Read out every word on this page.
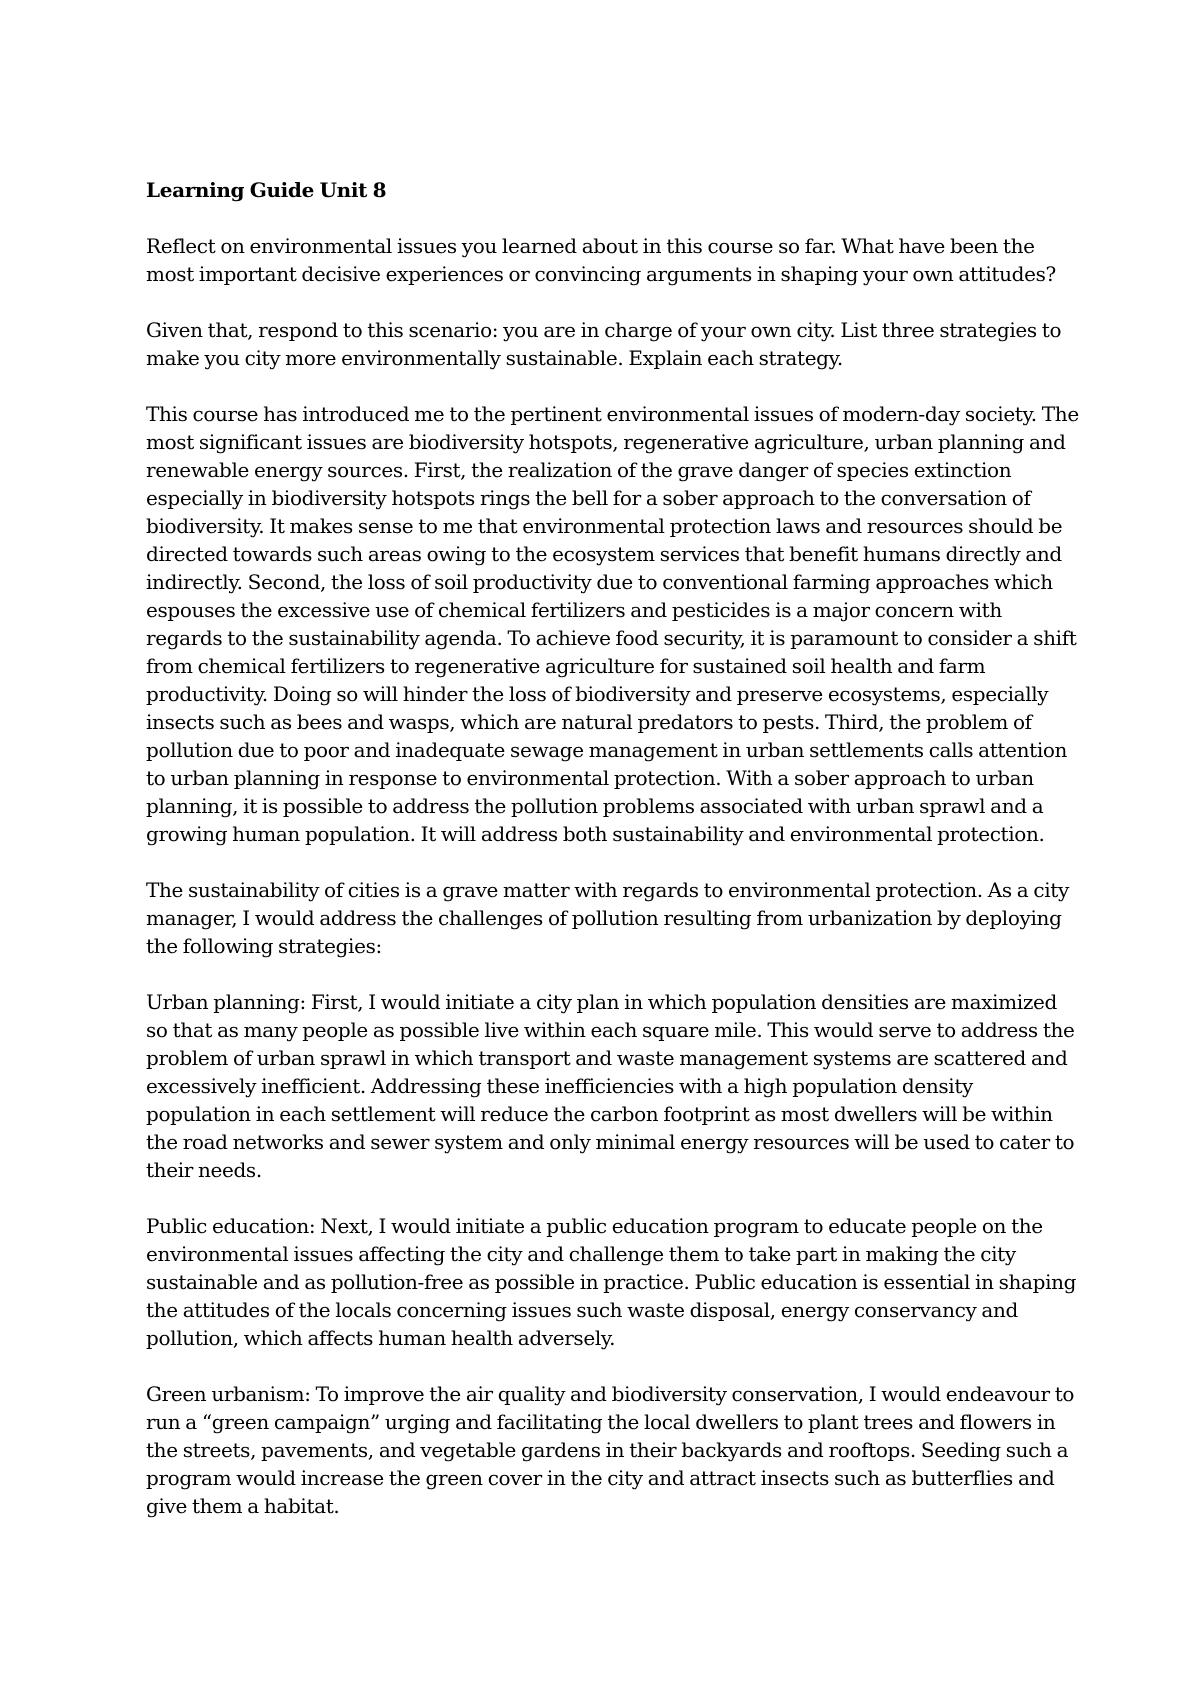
Learning Guide Unit 8

Reflect on environmental issues you learned about in this course so far. What have been the most important decisive experiences or convincing arguments in shaping your own attitudes?

Given that, respond to this scenario: you are in charge of your own city. List three strategies to make you city more environmentally sustainable. Explain each strategy.

This course has introduced me to the pertinent environmental issues of modern-day society. The most significant issues are biodiversity hotspots, regenerative agriculture, urban planning and renewable energy sources. First, the realization of the grave danger of species extinction especially in biodiversity hotspots rings the bell for a sober approach to the conversation of biodiversity. It makes sense to me that environmental protection laws and resources should be directed towards such areas owing to the ecosystem services that benefit humans directly and indirectly. Second, the loss of soil productivity due to conventional farming approaches which espouses the excessive use of chemical fertilizers and pesticides is a major concern with regards to the sustainability agenda. To achieve food security, it is paramount to consider a shift from chemical fertilizers to regenerative agriculture for sustained soil health and farm productivity. Doing so will hinder the loss of biodiversity and preserve ecosystems, especially insects such as bees and wasps, which are natural predators to pests. Third, the problem of pollution due to poor and inadequate sewage management in urban settlements calls attention to urban planning in response to environmental protection. With a sober approach to urban planning, it is possible to address the pollution problems associated with urban sprawl and a growing human population. It will address both sustainability and environmental protection.

The sustainability of cities is a grave matter with regards to environmental protection. As a city manager, I would address the challenges of pollution resulting from urbanization by deploying the following strategies:

Urban planning: First, I would initiate a city plan in which population densities are maximized so that as many people as possible live within each square mile. This would serve to address the problem of urban sprawl in which transport and waste management systems are scattered and excessively inefficient. Addressing these inefficiencies with a high population density population in each settlement will reduce the carbon footprint as most dwellers will be within the road networks and sewer system and only minimal energy resources will be used to cater to their needs.

Public education: Next, I would initiate a public education program to educate people on the environmental issues affecting the city and challenge them to take part in making the city sustainable and as pollution-free as possible in practice. Public education is essential in shaping the attitudes of the locals concerning issues such waste disposal, energy conservancy and pollution, which affects human health adversely.

Green urbanism: To improve the air quality and biodiversity conservation, I would endeavour to run a “green campaign” urging and facilitating the local dwellers to plant trees and flowers in the streets, pavements, and vegetable gardens in their backyards and rooftops. Seeding such a program would increase the green cover in the city and attract insects such as butterflies and give them a habitat.
